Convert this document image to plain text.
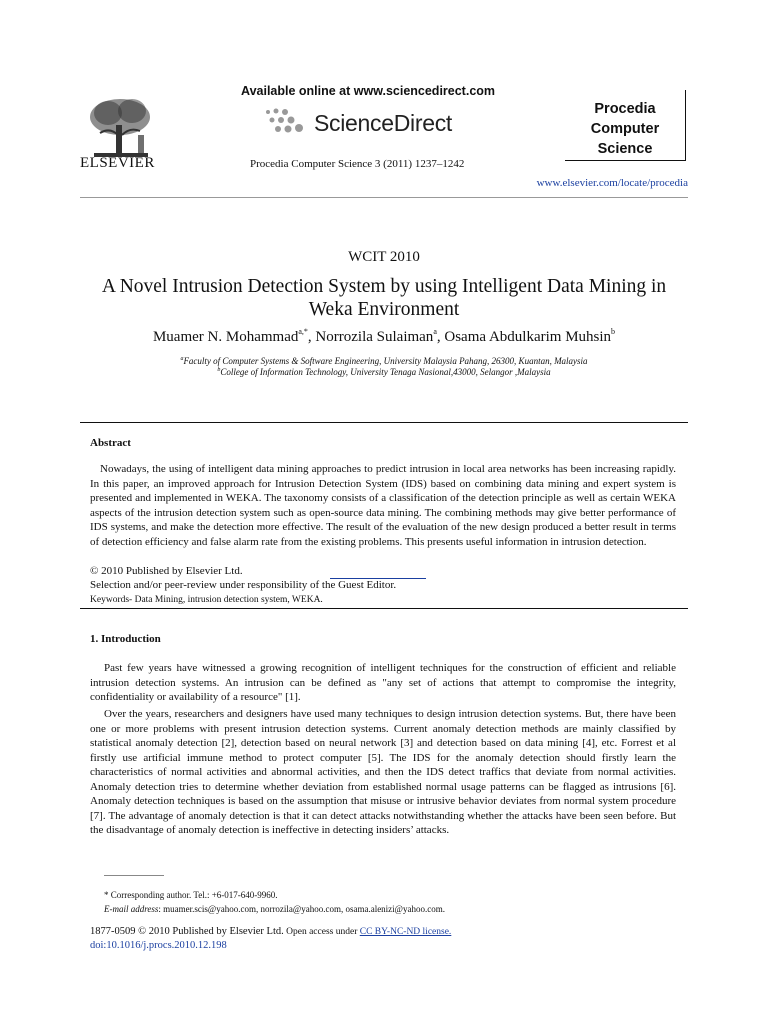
ELSEVIER
Available online at www.sciencedirect.com
ScienceDirect
Procedia Computer Science 3 (2011) 1237–1242
Procedia Computer Science
www.elsevier.com/locate/procedia
WCIT 2010
A Novel Intrusion Detection System by using Intelligent Data Mining in Weka Environment
Muamer N. Mohammad$^{a,*}$, Norrozila Sulaiman$^a$, Osama Abdulkarim Muhsin$^b$
$^a$Faculty of Computer Systems & Software Engineering, University Malaysia Pahang, 26300, Kuantan, Malaysia
$^b$College of Information Technology, University Tenaga Nasional,43000, Selangor ,Malaysia
Abstract
Nowadays, the using of intelligent data mining approaches to predict intrusion in local area networks has been increasing rapidly. In this paper, an improved approach for Intrusion Detection System (IDS) based on combining data mining and expert system is presented and implemented in WEKA. The taxonomy consists of a classification of the detection principle as well as certain WEKA aspects of the intrusion detection system such as open-source data mining. The combining methods may give better performance of IDS systems, and make the detection more effective. The result of the evaluation of the new design produced a better result in terms of detection efficiency and false alarm rate from the existing problems. This presents useful information in intrusion detection.
© 2010 Published by Elsevier Ltd.
Selection and/or peer-review under responsibility of the Guest Editor.
Keywords- Data Mining, intrusion detection system, WEKA.
1. Introduction
Past few years have witnessed a growing recognition of intelligent techniques for the construction of efficient and reliable intrusion detection systems. An intrusion can be defined as "any set of actions that attempt to compromise the integrity, confidentiality or availability of a resource" [1].
Over the years, researchers and designers have used many techniques to design intrusion detection systems. But, there have been one or more problems with present intrusion detection systems. Current anomaly detection methods are mainly classified by statistical anomaly detection [2], detection based on neural network [3] and detection based on data mining [4], etc. Forrest et al firstly use artificial immune method to protect computer [5]. The IDS for the anomaly detection should firstly learn the characteristics of normal activities and abnormal activities, and then the IDS detect traffics that deviate from normal activities. Anomaly detection tries to determine whether deviation from established normal usage patterns can be flagged as intrusions [6]. Anomaly detection techniques is based on the assumption that misuse or intrusive behavior deviates from normal system procedure [7]. The advantage of anomaly detection is that it can detect attacks notwithstanding whether the attacks have been seen before. But the disadvantage of anomaly detection is ineffective in detecting insiders’ attacks.
* Corresponding author. Tel.: +6-017-640-9960.
E-mail address: muamer.scis@yahoo.com, norrozila@yahoo.com, osama.alenizi@yahoo.com.
1877-0509 © 2010 Published by Elsevier Ltd. Open access under CC BY-NC-ND license.
doi:10.1016/j.procs.2010.12.198
